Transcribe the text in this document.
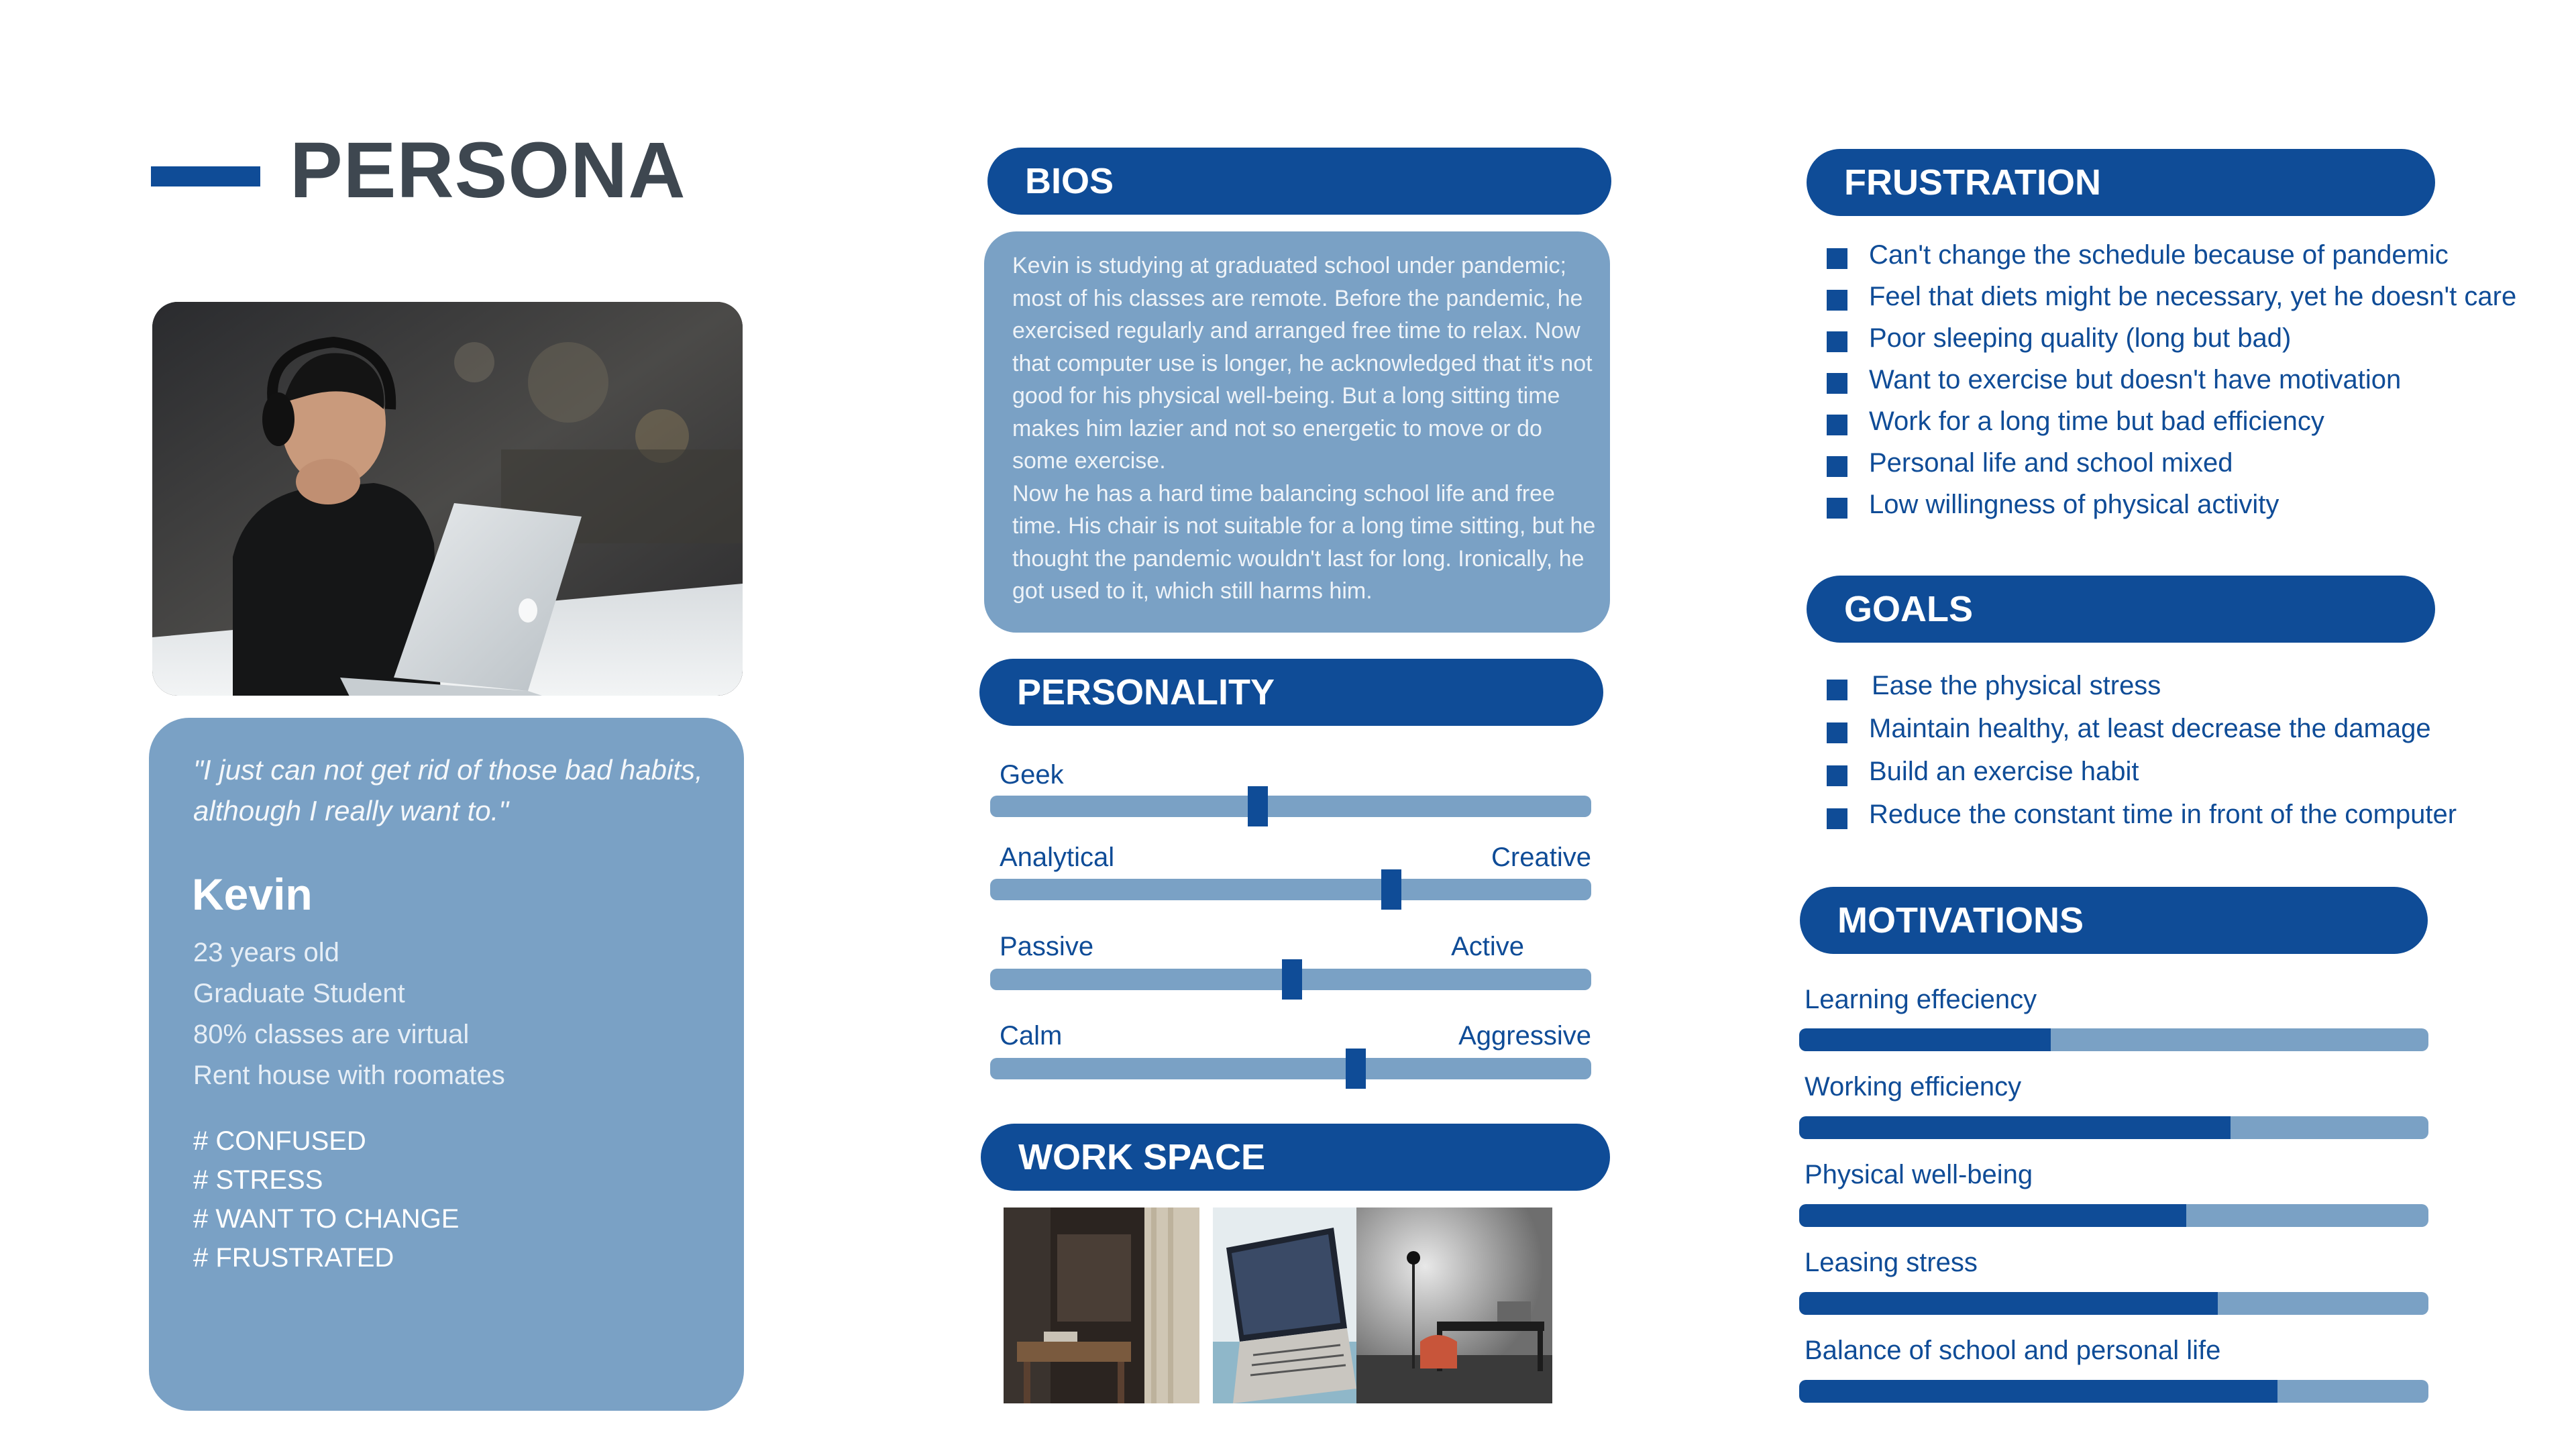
PERSONA
"I just can not get rid of those bad habits, although I really want to."
Kevin
23 years old
Graduate Student
80% classes are virtual
Rent house with roomates
# CONFUSED
# STRESS
# WANT TO CHANGE
# FRUSTRATED
BIOS

Kevin is studying at graduated school under pandemic; most of his classes are remote. Before the pandemic, he exercised regularly and arranged free time to relax. Now that computer use is longer, he acknowledged that it's not good for his physical well-being. But a long sitting time makes him lazier and not so energetic to move or do some exercise.

Now he has a hard time balancing school life and free time. His chair is not suitable for a long time sitting, but he thought the pandemic wouldn't last for long. Ironically, he got used to it, which still harms him.

PERSONALITY
Geek
Analytical	Creative
Passive	Active
Calm	Aggressive
WORK SPACE
FRUSTRATION
Can't change the schedule because of pandemic
Feel that diets might be necessary, yet he doesn't care
Poor sleeping quality (long but bad)
Want to exercise but doesn't have motivation
Work for a long time but bad efficiency
Personal life and school mixed
Low willingness of physical activity
GOALS
Ease the physical stress
Maintain healthy, at least decrease the damage
Build an exercise habit
Reduce the constant time in front of the computer
MOTIVATIONS
Learning effeciency
Working efficiency
Physical well-being
Leasing stress
Balance of school and personal life
